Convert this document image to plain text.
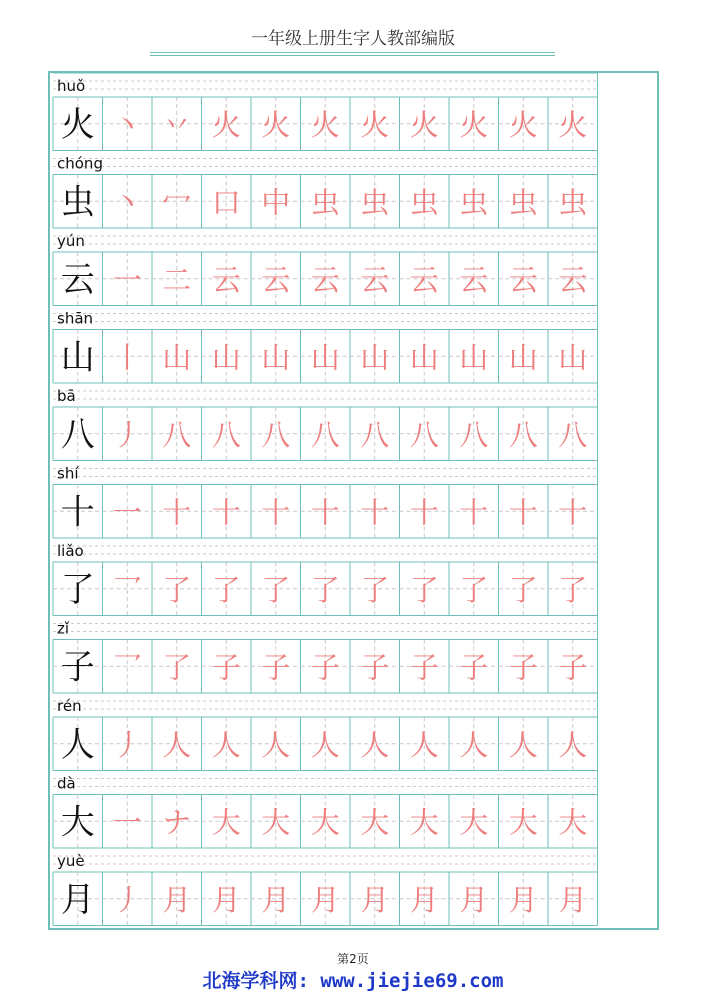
一年级上册生字人教部编版
huǒ
火 丶 丷 火 火 火 火 火 火 火 火
chóng
虫 丶 冖 口 中 虫 虫 虫 虫 虫 虫
yún
云 一 二 云 云 云 云 云 云 云 云
shān
山 丨 山 山 山 山 山 山 山 山 山
bā
八 丿 八 八 八 八 八 八 八 八 八
shí
十 一 十 十 十 十 十 十 十 十 十
liǎo
了 乛 了 了 了 了 了 了 了 了 了
zǐ
子 乛 了 子 子 子 子 子 子 子 子
rén
人 丿 人 人 人 人 人 人 人 人 人
dà
大 一 ナ 大 大 大 大 大 大 大 大
yuè
月 丿 月 月 月 月 月 月 月 月 月
第2页
北海学科网: www.jiejie69.com
